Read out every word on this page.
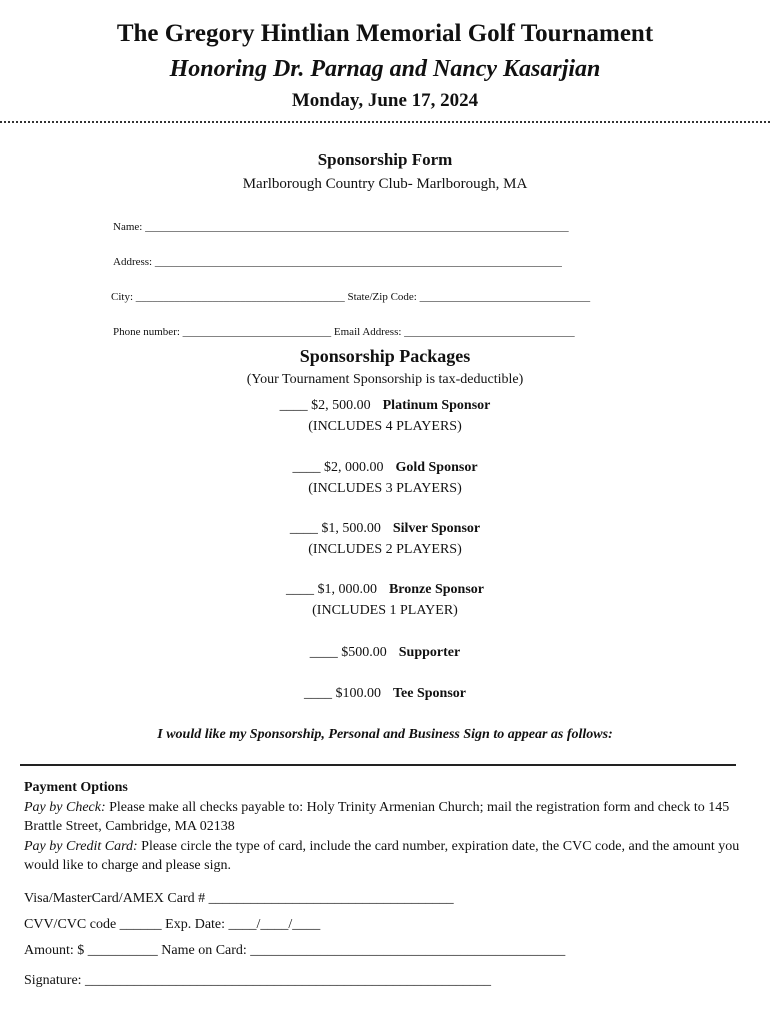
The Gregory Hintlian Memorial Golf Tournament
Honoring Dr. Parnag and Nancy Kasarjian
Monday, June 17, 2024
Sponsorship Form
Marlborough Country Club- Marlborough, MA
Name: _____________________________________________________________________________
Address: __________________________________________________________________________
City: ______________________________________ State/Zip Code: _______________________________
Phone number: ___________________________ Email Address: _______________________________
Sponsorship Packages
(Your Tournament Sponsorship is tax-deductible)
____ $2, 500.00 Platinum Sponsor
(INCLUDES 4 PLAYERS)
____ $2, 000.00 Gold Sponsor
(INCLUDES 3 PLAYERS)
____ $1, 500.00 Silver Sponsor
(INCLUDES 2 PLAYERS)
____ $1, 000.00 Bronze Sponsor
(INCLUDES 1 PLAYER)
____ $500.00 Supporter
____ $100.00 Tee Sponsor
I would like my Sponsorship, Personal and Business Sign to appear as follows:
Payment Options
Pay by Check: Please make all checks payable to: Holy Trinity Armenian Church; mail the registration form and check to 145 Brattle Street, Cambridge, MA 02138
Pay by Credit Card: Please circle the type of card, include the card number, expiration date, the CVC code, and the amount you would like to charge and please sign.
Visa/MasterCard/AMEX Card # ___________________________________
CVV/CVC code ______ Exp. Date: ____/____/____
Amount: $ __________ Name on Card: _____________________________________________
Signature: __________________________________________________________
